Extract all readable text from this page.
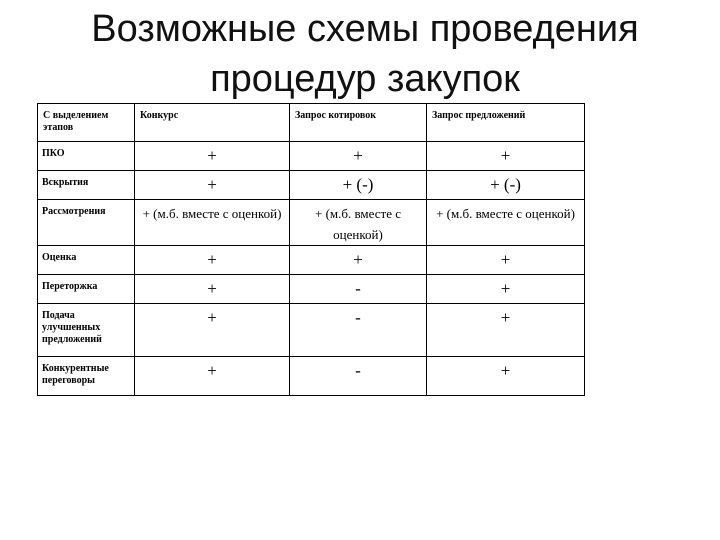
Возможные схемы проведения
процедур закупок
С выделением этапов	Конкурс	Запрос котировок	Запрос предложений
ПКО	+	+	+
Вскрытия	+	+ (-)	+ (-)
Рассмотрения	+ (м.б. вместе с оценкой)	+ (м.б. вместе с оценкой)	+ (м.б. вместе с оценкой)
Оценка	+	+	+
Переторжка	+	-	+
Подача улучшенных предложений	+	-	+
Конкурентные переговоры	+	-	+
